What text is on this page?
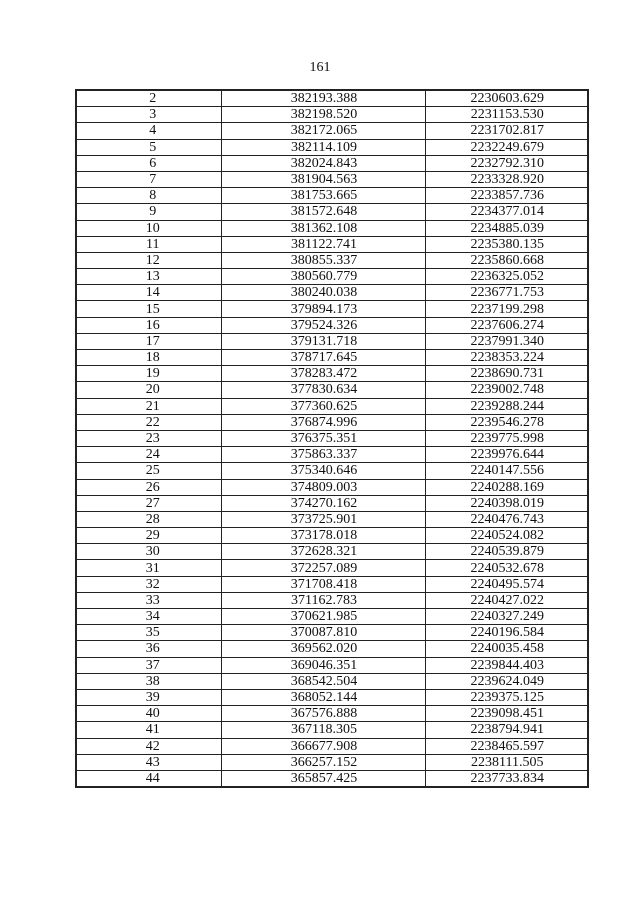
161
2	382193.388	2230603.629
3	382198.520	2231153.530
4	382172.065	2231702.817
5	382114.109	2232249.679
6	382024.843	2232792.310
7	381904.563	2233328.920
8	381753.665	2233857.736
9	381572.648	2234377.014
10	381362.108	2234885.039
11	381122.741	2235380.135
12	380855.337	2235860.668
13	380560.779	2236325.052
14	380240.038	2236771.753
15	379894.173	2237199.298
16	379524.326	2237606.274
17	379131.718	2237991.340
18	378717.645	2238353.224
19	378283.472	2238690.731
20	377830.634	2239002.748
21	377360.625	2239288.244
22	376874.996	2239546.278
23	376375.351	2239775.998
24	375863.337	2239976.644
25	375340.646	2240147.556
26	374809.003	2240288.169
27	374270.162	2240398.019
28	373725.901	2240476.743
29	373178.018	2240524.082
30	372628.321	2240539.879
31	372257.089	2240532.678
32	371708.418	2240495.574
33	371162.783	2240427.022
34	370621.985	2240327.249
35	370087.810	2240196.584
36	369562.020	2240035.458
37	369046.351	2239844.403
38	368542.504	2239624.049
39	368052.144	2239375.125
40	367576.888	2239098.451
41	367118.305	2238794.941
42	366677.908	2238465.597
43	366257.152	2238111.505
44	365857.425	2237733.834
